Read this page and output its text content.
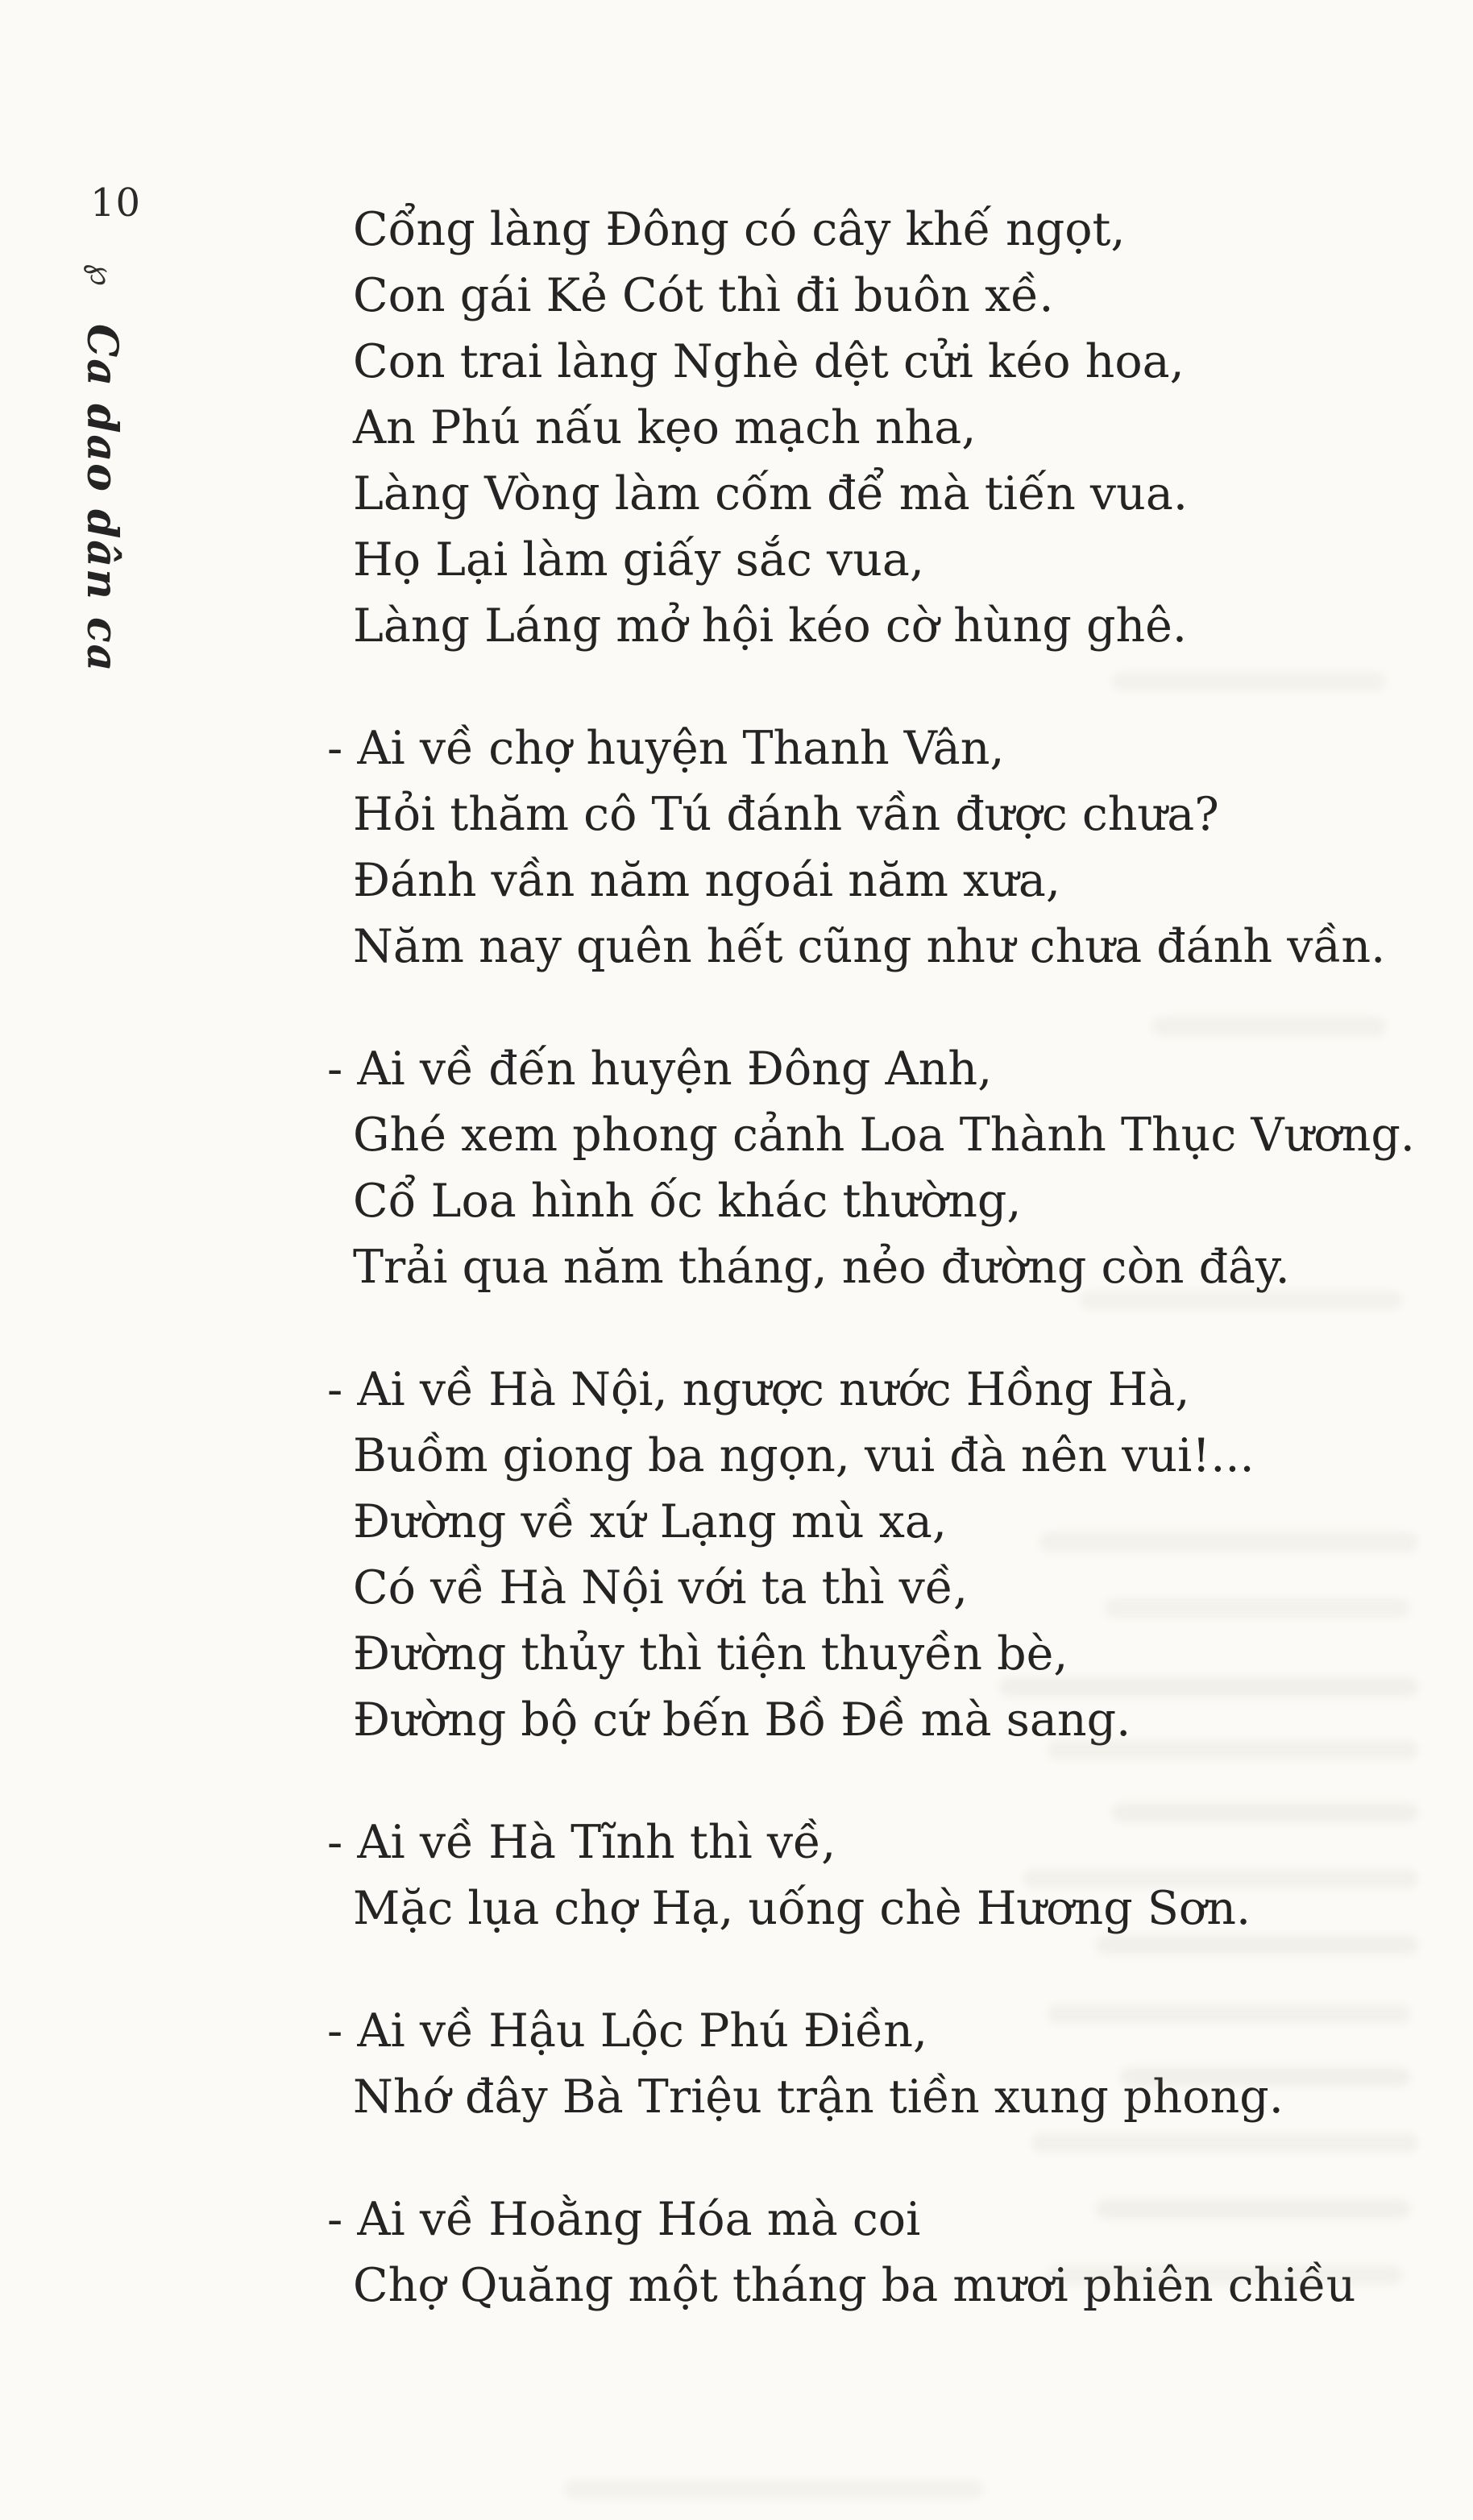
10
℘
Ca dao dân ca
Cổng làng Đông có cây khế ngọt,
Con gái Kẻ Cót thì đi buôn xề.
Con trai làng Nghè dệt cửi kéo hoa,
An Phú nấu kẹo mạch nha,
Làng Vòng làm cốm để mà tiến vua.
Họ Lại làm giấy sắc vua,
Làng Láng mở hội kéo cờ hùng ghê.
- Ai về chợ huyện Thanh Vân,
Hỏi thăm cô Tú đánh vần được chưa?
Đánh vần năm ngoái năm xưa,
Năm nay quên hết cũng như chưa đánh vần.
- Ai về đến huyện Đông Anh,
Ghé xem phong cảnh Loa Thành Thục Vương.
Cổ Loa hình ốc khác thường,
Trải qua năm tháng, nẻo đường còn đây.
- Ai về Hà Nội, ngược nước Hồng Hà,
Buồm giong ba ngọn, vui đà nên vui!...
Đường về xứ Lạng mù xa,
Có về Hà Nội với ta thì về,
Đường thủy thì tiện thuyền bè,
Đường bộ cứ bến Bồ Đề mà sang.
- Ai về Hà Tĩnh thì về,
Mặc lụa chợ Hạ, uống chè Hương Sơn.
- Ai về Hậu Lộc Phú Điền,
Nhớ đây Bà Triệu trận tiền xung phong.
- Ai về Hoằng Hóa mà coi
Chợ Quăng một tháng ba mươi phiên chiều
